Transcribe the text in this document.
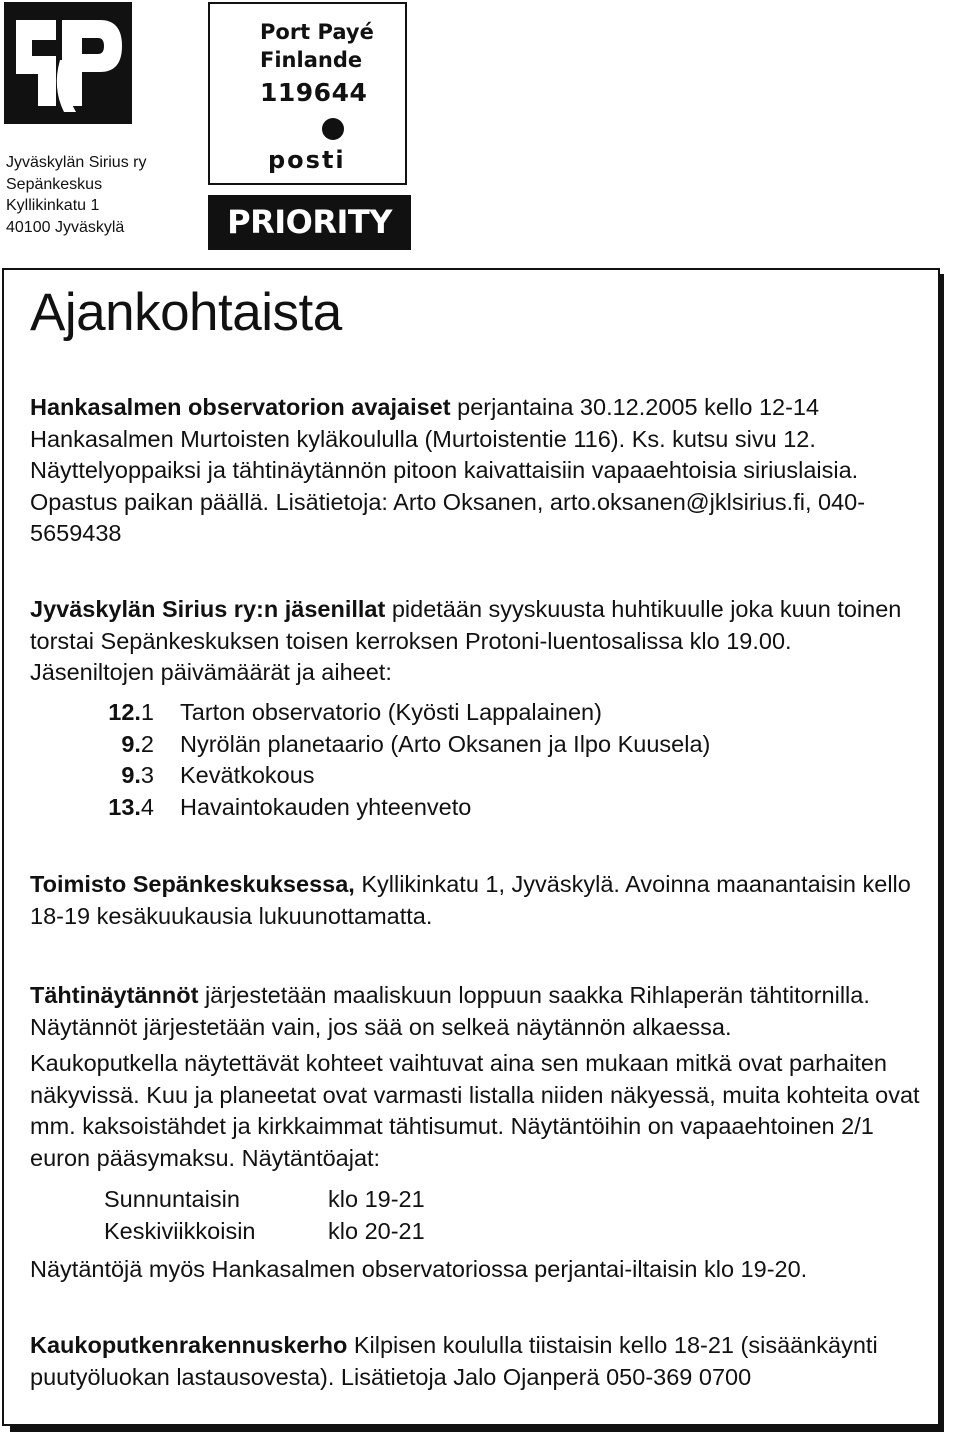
Jyväskylän Sirius ry
Sepänkeskus
Kyllikinkatu 1
40100 Jyväskylä
Port Payé
Finlande
119644
posti
PRIORITY
Ajankohtaista

Hankasalmen observatorion avajaiset perjantaina 30.12.2005 kello 12-14 Hankasalmen Murtoisten kyläkoululla (Murtoistentie 116). Ks. kutsu sivu 12. Näyttelyoppaiksi ja tähtinäytännön pitoon kaivattaisiin vapaaehtoisia siriuslaisia. Opastus paikan päällä. Lisätietoja: Arto Oksanen, arto.oksanen@jklsirius.fi, 040-5659438

Jyväskylän Sirius ry:n jäsenillat pidetään syyskuusta huhtikuulle joka kuun toinen torstai Sepänkeskuksen toisen kerroksen Protoni-luentosalissa klo 19.00. Jäseniltojen päivämäärät ja aiheet:

12.1 Tarton observatorio (Kyösti Lappalainen)
9.2 Nyrölän planetaario (Arto Oksanen ja Ilpo Kuusela)
9.3 Kevätkokous
13.4 Havaintokauden yhteenveto

Toimisto Sepänkeskuksessa, Kyllikinkatu 1, Jyväskylä. Avoinna maanantaisin kello 18-19 kesäkuukausia lukuunottamatta.

Tähtinäytännöt järjestetään maaliskuun loppuun saakka Rihlaperän tähtitornilla. Näytännöt järjestetään vain, jos sää on selkeä näytännön alkaessa.

Kaukoputkella näytettävät kohteet vaihtuvat aina sen mukaan mitkä ovat parhaiten näkyvissä. Kuu ja planeetat ovat varmasti listalla niiden näkyessä, muita kohteita ovat mm. kaksoistähdet ja kirkkaimmat tähtisumut. Näytäntöihin on vapaaehtoinen 2/1 euron pääsymaksu. Näytäntöajat:

Sunnuntaisin	klo 19-21
Keskiviikkoisin	klo 20-21

Näytäntöjä myös Hankasalmen observatoriossa perjantai-iltaisin klo 19-20.

Kaukoputkenrakennuskerho Kilpisen koululla tiistaisin kello 18-21 (sisäänkäynti puutyöluokan lastausovesta). Lisätietoja Jalo Ojanperä 050-369 0700
